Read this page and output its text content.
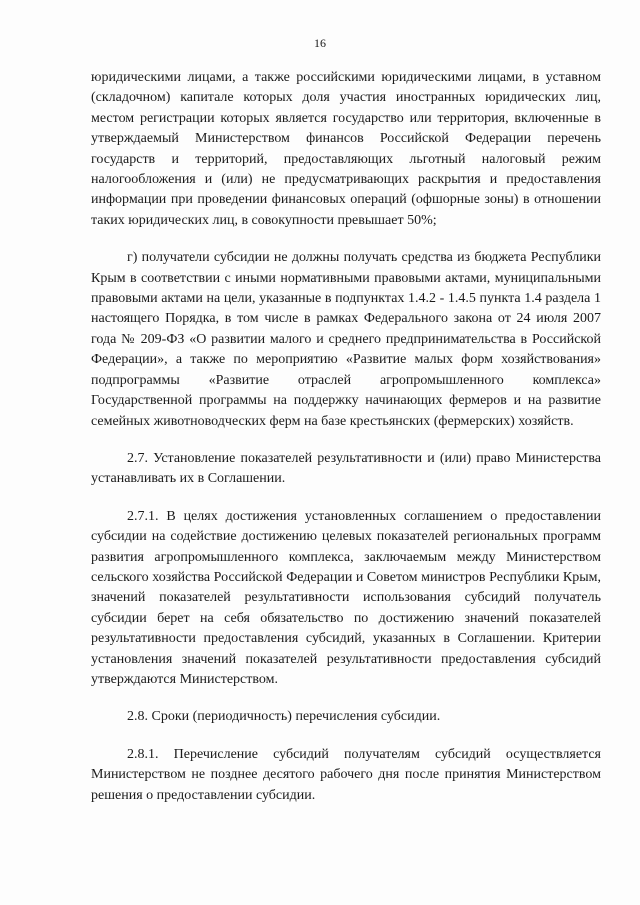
16

юридическими лицами, а также российскими юридическими лицами, в уставном (складочном) капитале которых доля участия иностранных юридических лиц, местом регистрации которых является государство или территория, включенные в утверждаемый Министерством финансов Российской Федерации перечень государств и территорий, предоставляющих льготный налоговый режим налогообложения и (или) не предусматривающих раскрытия и предоставления информации при проведении финансовых операций (офшорные зоны) в отношении таких юридических лиц, в совокупности превышает 50%;

г) получатели субсидии не должны получать средства из бюджета Республики Крым в соответствии с иными нормативными правовыми актами, муниципальными правовыми актами на цели, указанные в подпунктах 1.4.2 - 1.4.5 пункта 1.4 раздела 1 настоящего Порядка, в том числе в рамках Федерального закона от 24 июля 2007 года № 209-ФЗ «О развитии малого и среднего предпринимательства в Российской Федерации», а также по мероприятию «Развитие малых форм хозяйствования» подпрограммы «Развитие отраслей агропромышленного комплекса» Государственной программы на поддержку начинающих фермеров и на развитие семейных животноводческих ферм на базе крестьянских (фермерских) хозяйств.

2.7. Установление показателей результативности и (или) право Министерства устанавливать их в Соглашении.

2.7.1. В целях достижения установленных соглашением о предоставлении субсидии на содействие достижению целевых показателей региональных программ развития агропромышленного комплекса, заключаемым между Министерством сельского хозяйства Российской Федерации и Советом министров Республики Крым, значений показателей результативности использования субсидий получатель субсидии берет на себя обязательство по достижению значений показателей результативности предоставления субсидий, указанных в Соглашении. Критерии установления значений показателей результативности предоставления субсидий утверждаются Министерством.

2.8. Сроки (периодичность) перечисления субсидии.

2.8.1. Перечисление субсидий получателям субсидий осуществляется Министерством не позднее десятого рабочего дня после принятия Министерством решения о предоставлении субсидии.
